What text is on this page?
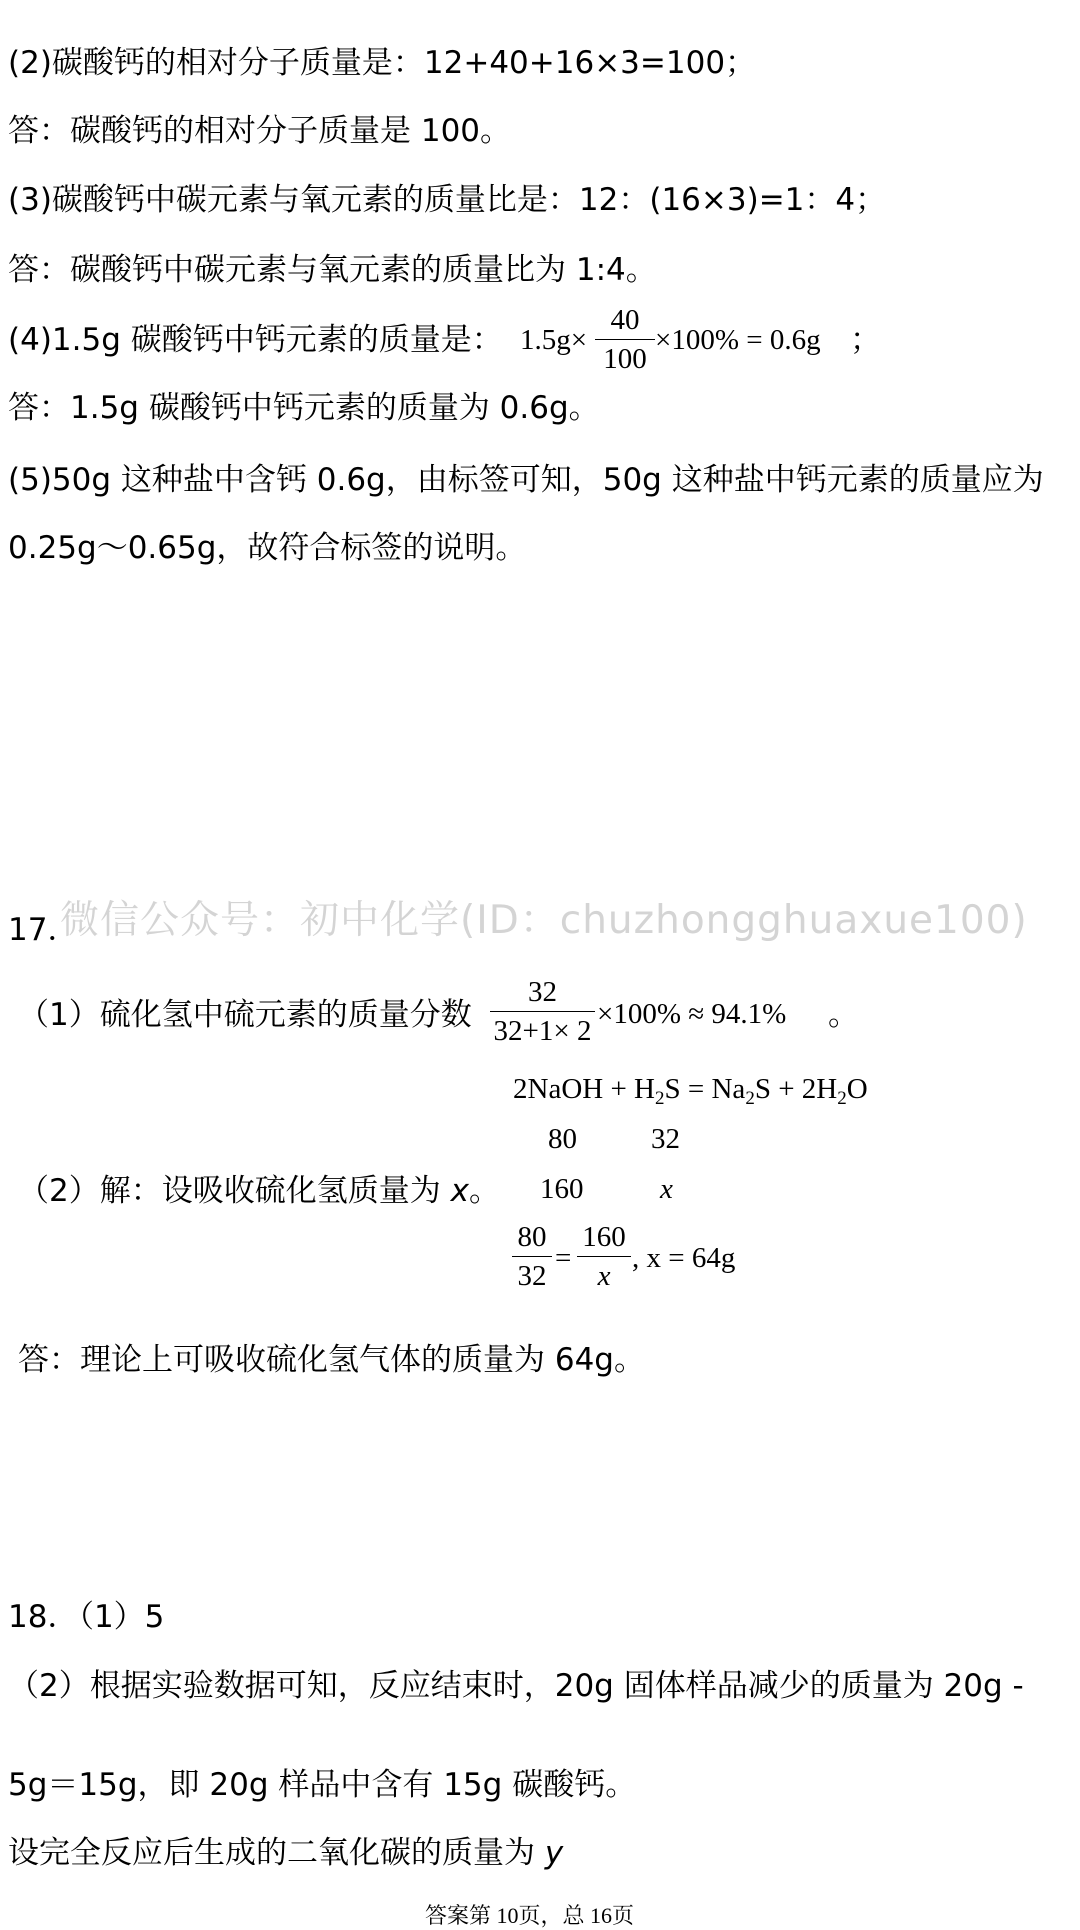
(2)碳酸钙的相对分子质量是：12+40+16×3=100；
答：碳酸钙的相对分子质量是 100。
(3)碳酸钙中碳元素与氧元素的质量比是：12：(16×3)=1：4；
答：碳酸钙中碳元素与氧元素的质量比为 1:4。
(4)1.5g 碳酸钙中钙元素的质量是： 1.5g×
40
100
×100% = 0.6g ；
答：1.5g 碳酸钙中钙元素的质量为 0.6g。
(5)50g 这种盐中含钙 0.6g，由标签可知，50g 这种盐中钙元素的质量应为
0.25g～0.65g，故符合标签的说明。
微信公众号：初中化学(ID：chuzhongghuaxue100)
17．
（1）硫化氢中硫元素的质量分数
32
32+1× 2
×100% ≈ 94.1% 。
2NaOH + $H_2S = Na_2S + 2H_2O$
80	32
（2）解：设吸收硫化氢质量为 x。 160	x
80
32
=
160
x
, x = 64g
答：理论上可吸收硫化氢气体的质量为 64g。
18．（1）5
（2）根据实验数据可知，反应结束时，20g 固体样品减少的质量为 20g -
5g＝15g，即 20g 样品中含有 15g 碳酸钙。
设完全反应后生成的二氧化碳的质量为 y
答案第 10页，总 16页
